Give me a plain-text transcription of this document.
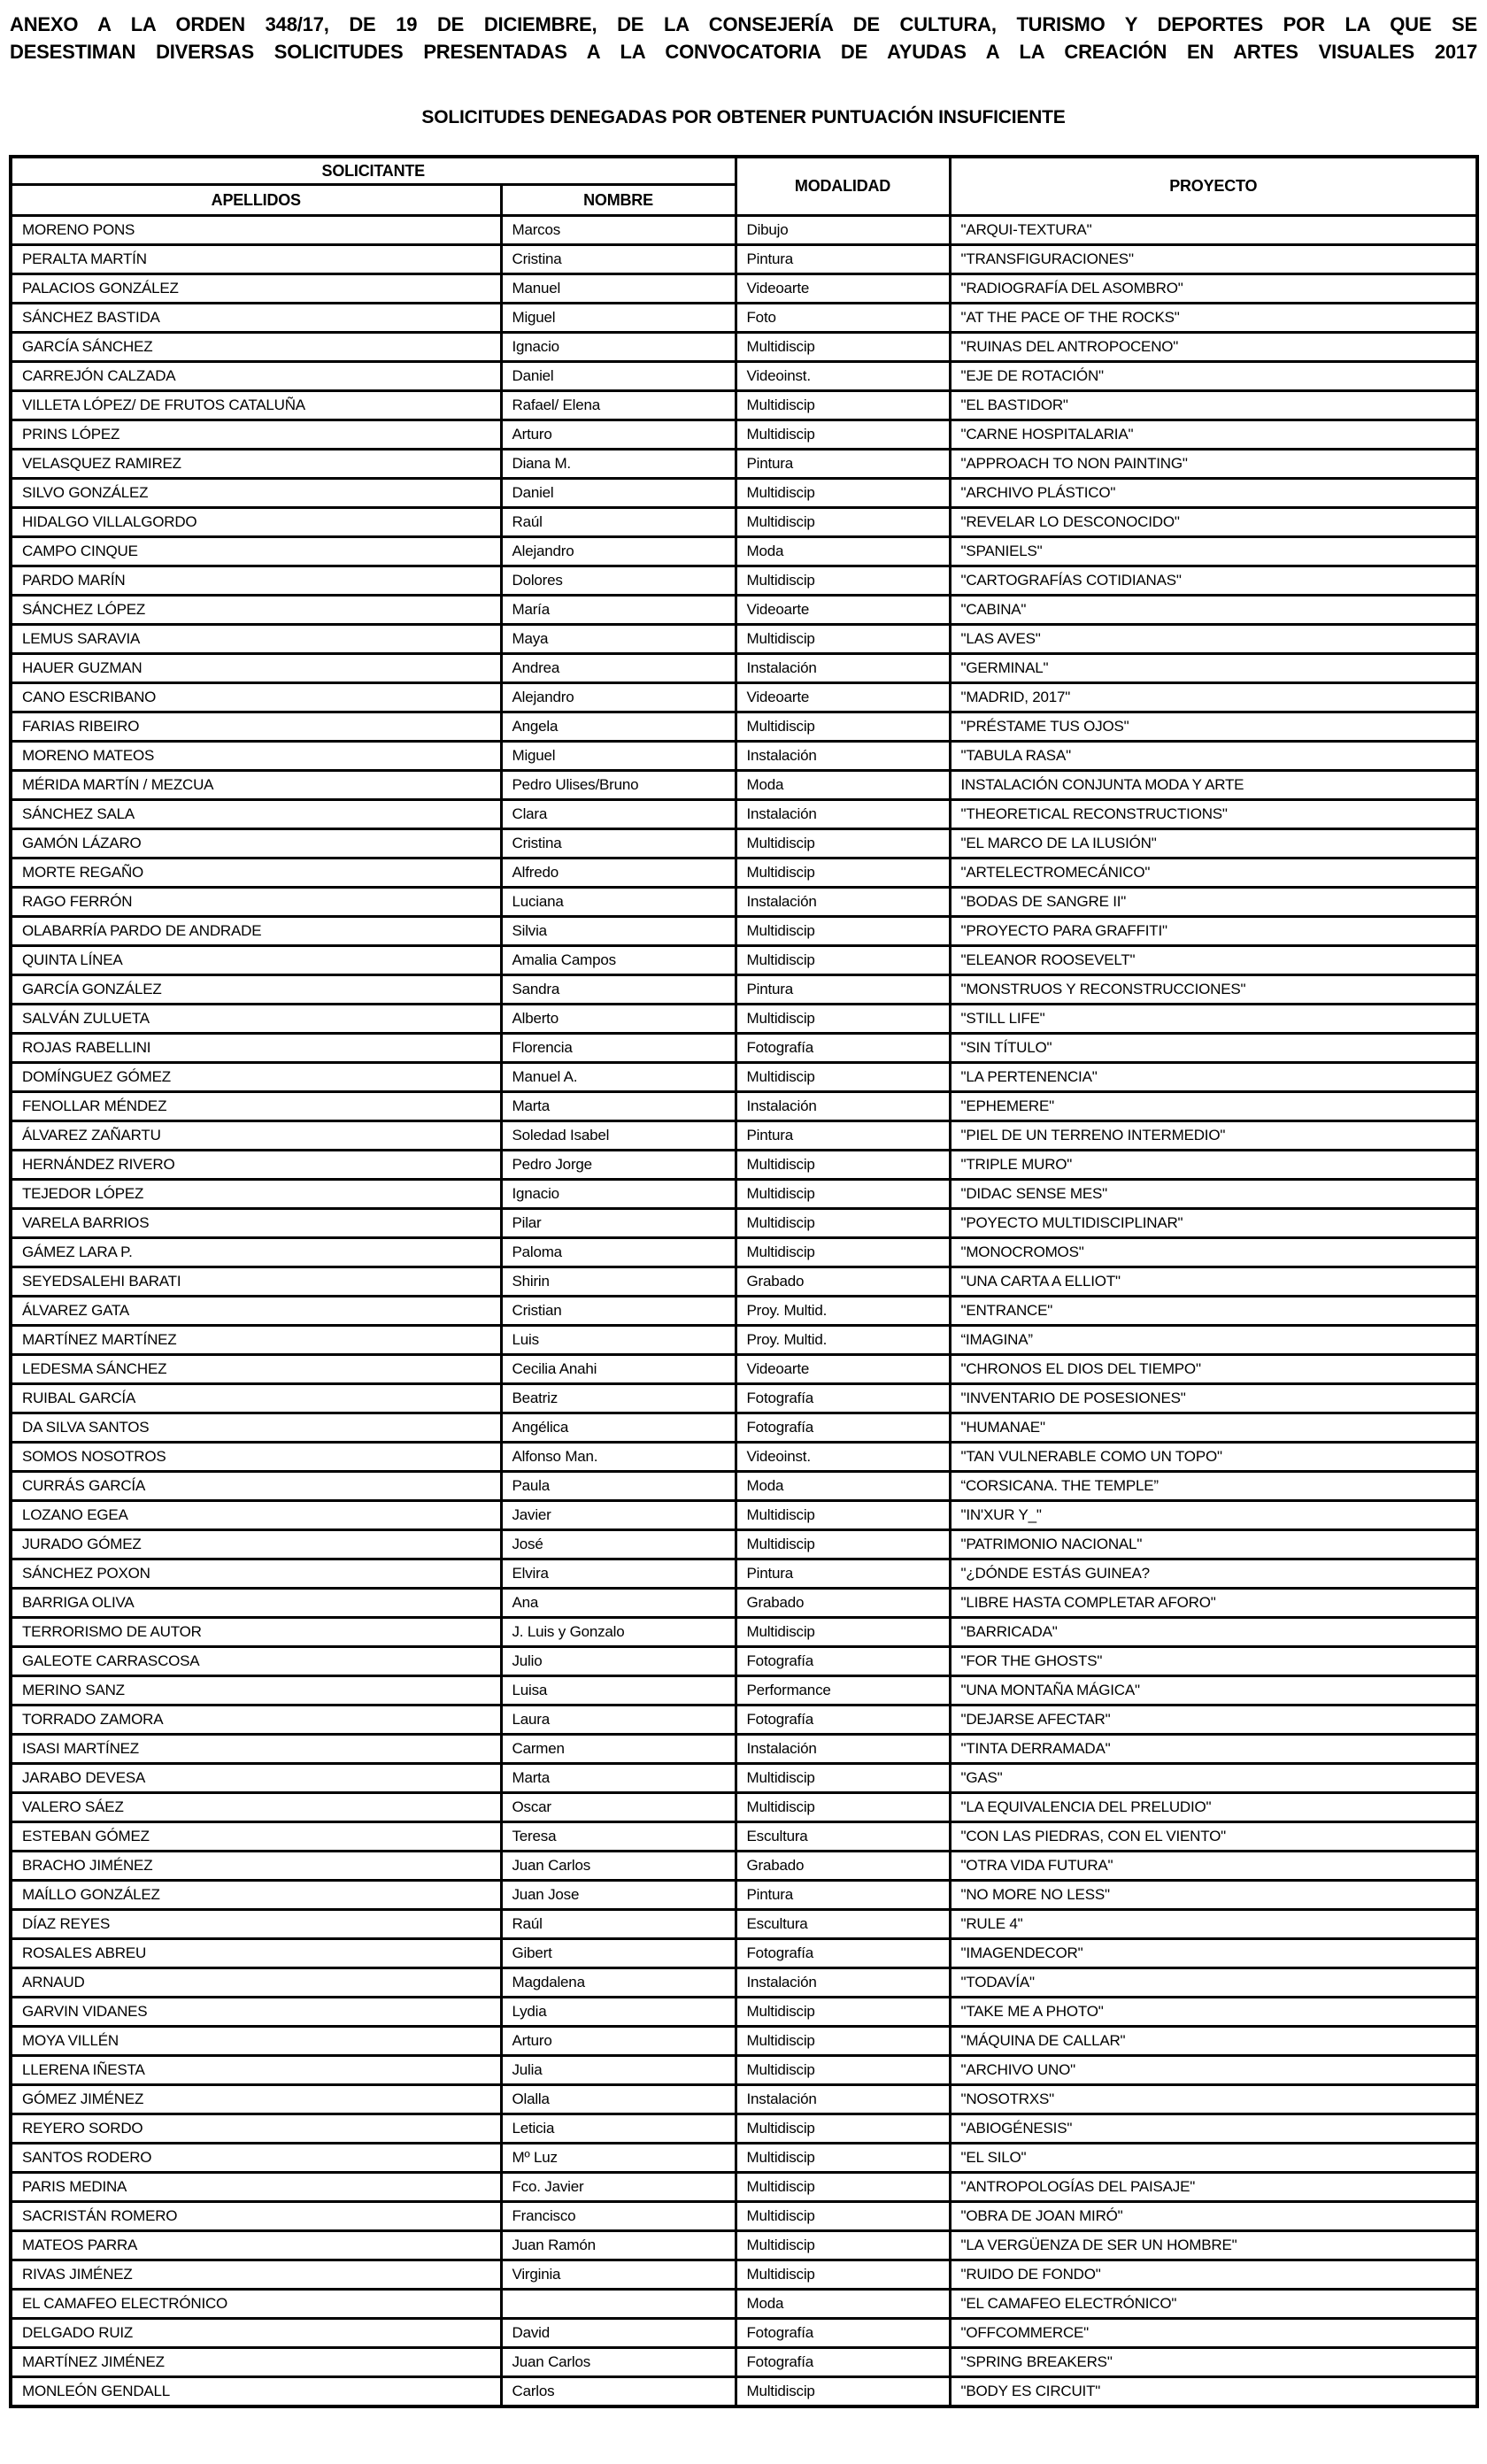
ANEXO A LA ORDEN 348/17, DE 19 DE DICIEMBRE, DE LA CONSEJERÍA DE CULTURA, TURISMO Y DEPORTES POR LA QUE SE
DESESTIMAN DIVERSAS SOLICITUDES PRESENTADAS A LA CONVOCATORIA DE AYUDAS A LA CREACIÓN EN ARTES VISUALES 2017
SOLICITUDES DENEGADAS POR OBTENER PUNTUACIÓN INSUFICIENTE
SOLICITANTE		MODALIDAD	PROYECTO
APELLIDOS	NOMBRE		
MORENO PONS	Marcos	Dibujo	"ARQUI-TEXTURA"
PERALTA MARTÍN	Cristina	Pintura	"TRANSFIGURACIONES"
PALACIOS GONZÁLEZ	Manuel	Videoarte	"RADIOGRAFÍA DEL ASOMBRO"
SÁNCHEZ BASTIDA	Miguel	Foto	"AT THE PACE OF THE ROCKS"
GARCÍA SÁNCHEZ	Ignacio	Multidiscip	"RUINAS DEL ANTROPOCENO"
CARREJÓN CALZADA	Daniel	Videoinst.	"EJE DE ROTACIÓN"
VILLETA LÓPEZ/ DE FRUTOS CATALUÑA	Rafael/ Elena	Multidiscip	"EL BASTIDOR"
PRINS LÓPEZ	Arturo	Multidiscip	"CARNE HOSPITALARIA"
VELASQUEZ RAMIREZ	Diana M.	Pintura	"APPROACH TO NON PAINTING"
SILVO GONZÁLEZ	Daniel	Multidiscip	"ARCHIVO PLÁSTICO"
HIDALGO VILLALGORDO	Raúl	Multidiscip	"REVELAR LO DESCONOCIDO"
CAMPO CINQUE	Alejandro	Moda	"SPANIELS"
PARDO MARÍN	Dolores	Multidiscip	"CARTOGRAFÍAS COTIDIANAS"
SÁNCHEZ LÓPEZ	María	Videoarte	"CABINA"
LEMUS SARAVIA	Maya	Multidiscip	"LAS AVES"
HAUER GUZMAN	Andrea	Instalación	"GERMINAL"
CANO ESCRIBANO	Alejandro	Videoarte	"MADRID, 2017"
FARIAS RIBEIRO	Angela	Multidiscip	"PRÉSTAME TUS OJOS"
MORENO MATEOS	Miguel	Instalación	"TABULA RASA"
MÉRIDA MARTÍN / MEZCUA	Pedro Ulises/Bruno	Moda	INSTALACIÓN CONJUNTA MODA Y ARTE
SÁNCHEZ SALA	Clara	Instalación	"THEORETICAL RECONSTRUCTIONS"
GAMÓN LÁZARO	Cristina	Multidiscip	"EL MARCO DE LA ILUSIÓN"
MORTE REGAÑO	Alfredo	Multidiscip	"ARTELECTROMECÁNICO"
RAGO FERRÓN	Luciana	Instalación	"BODAS DE SANGRE II"
OLABARRÍA PARDO DE ANDRADE	Silvia	Multidiscip	"PROYECTO PARA GRAFFITI"
QUINTA LÍNEA	Amalia Campos	Multidiscip	"ELEANOR ROOSEVELT"
GARCÍA GONZÁLEZ	Sandra	Pintura	"MONSTRUOS Y RECONSTRUCCIONES"
SALVÁN ZULUETA	Alberto	Multidiscip	"STILL LIFE"
ROJAS RABELLINI	Florencia	Fotografía	"SIN TÍTULO"
DOMÍNGUEZ GÓMEZ	Manuel A.	Multidiscip	"LA PERTENENCIA"
FENOLLAR MÉNDEZ	Marta	Instalación	"EPHEMERE"
ÁLVAREZ ZAÑARTU	Soledad Isabel	Pintura	"PIEL DE UN TERRENO INTERMEDIO"
HERNÁNDEZ RIVERO	Pedro Jorge	Multidiscip	"TRIPLE MURO"
TEJEDOR LÓPEZ	Ignacio	Multidiscip	"DIDAC SENSE MES"
VARELA BARRIOS	Pilar	Multidiscip	"POYECTO MULTIDISCIPLINAR"
GÁMEZ LARA P.	Paloma	Multidiscip	"MONOCROMOS"
SEYEDSALEHI BARATI	Shirin	Grabado	"UNA CARTA A ELLIOT"
ÁLVAREZ GATA	Cristian	Proy. Multid.	"ENTRANCE"
MARTÍNEZ MARTÍNEZ	Luis	Proy. Multid.	“IMAGINA”
LEDESMA SÁNCHEZ	Cecilia Anahi	Videoarte	"CHRONOS EL DIOS DEL TIEMPO"
RUIBAL GARCÍA	Beatriz	Fotografía	"INVENTARIO DE POSESIONES"
DA SILVA SANTOS	Angélica	Fotografía	"HUMANAE"
SOMOS NOSOTROS	Alfonso Man.	Videoinst.	"TAN VULNERABLE COMO UN TOPO"
CURRÁS GARCÍA	Paula	Moda	“CORSICANA. THE TEMPLE”
LOZANO EGEA	Javier	Multidiscip	"IN'XUR Y_"
JURADO GÓMEZ	José	Multidiscip	"PATRIMONIO NACIONAL"
SÁNCHEZ POXON	Elvira	Pintura	"¿DÓNDE ESTÁS GUINEA?
BARRIGA OLIVA	Ana	Grabado	"LIBRE HASTA COMPLETAR AFORO"
TERRORISMO DE AUTOR	J. Luis y Gonzalo	Multidiscip	"BARRICADA"
GALEOTE CARRASCOSA	Julio	Fotografía	"FOR THE GHOSTS"
MERINO SANZ	Luisa	Performance	"UNA MONTAÑA MÁGICA"
TORRADO ZAMORA	Laura	Fotografía	"DEJARSE AFECTAR"
ISASI MARTÍNEZ	Carmen	Instalación	"TINTA DERRAMADA"
JARABO DEVESA	Marta	Multidiscip	"GAS"
VALERO SÁEZ	Oscar	Multidiscip	"LA EQUIVALENCIA DEL PRELUDIO"
ESTEBAN GÓMEZ	Teresa	Escultura	"CON LAS PIEDRAS, CON EL VIENTO"
BRACHO JIMÉNEZ	Juan Carlos	Grabado	"OTRA VIDA FUTURA"
MAÍLLO GONZÁLEZ	Juan Jose	Pintura	"NO MORE NO LESS"
DÍAZ REYES	Raúl	Escultura	"RULE 4"
ROSALES ABREU	Gibert	Fotografía	"IMAGENDECOR"
ARNAUD	Magdalena	Instalación	"TODAVÍA"
GARVIN VIDANES	Lydia	Multidiscip	"TAKE ME A PHOTO"
MOYA VILLÉN	Arturo	Multidiscip	"MÁQUINA DE CALLAR"
LLERENA IÑESTA	Julia	Multidiscip	"ARCHIVO UNO"
GÓMEZ JIMÉNEZ	Olalla	Instalación	"NOSOTRXS"
REYERO SORDO	Leticia	Multidiscip	"ABIOGÉNESIS"
SANTOS RODERO	Mº Luz	Multidiscip	"EL SILO"
PARIS MEDINA	Fco. Javier	Multidiscip	"ANTROPOLOGÍAS DEL PAISAJE"
SACRISTÁN ROMERO	Francisco	Multidiscip	"OBRA DE JOAN MIRÓ"
MATEOS PARRA	Juan Ramón	Multidiscip	"LA VERGÜENZA DE SER UN HOMBRE"
RIVAS JIMÉNEZ	Virginia	Multidiscip	"RUIDO DE FONDO"
EL CAMAFEO ELECTRÓNICO		Moda	"EL CAMAFEO ELECTRÓNICO"
DELGADO RUIZ	David	Fotografía	"OFFCOMMERCE"
MARTÍNEZ JIMÉNEZ	Juan Carlos	Fotografía	"SPRING BREAKERS"
MONLEÓN GENDALL	Carlos	Multidiscip	"BODY ES CIRCUIT"
